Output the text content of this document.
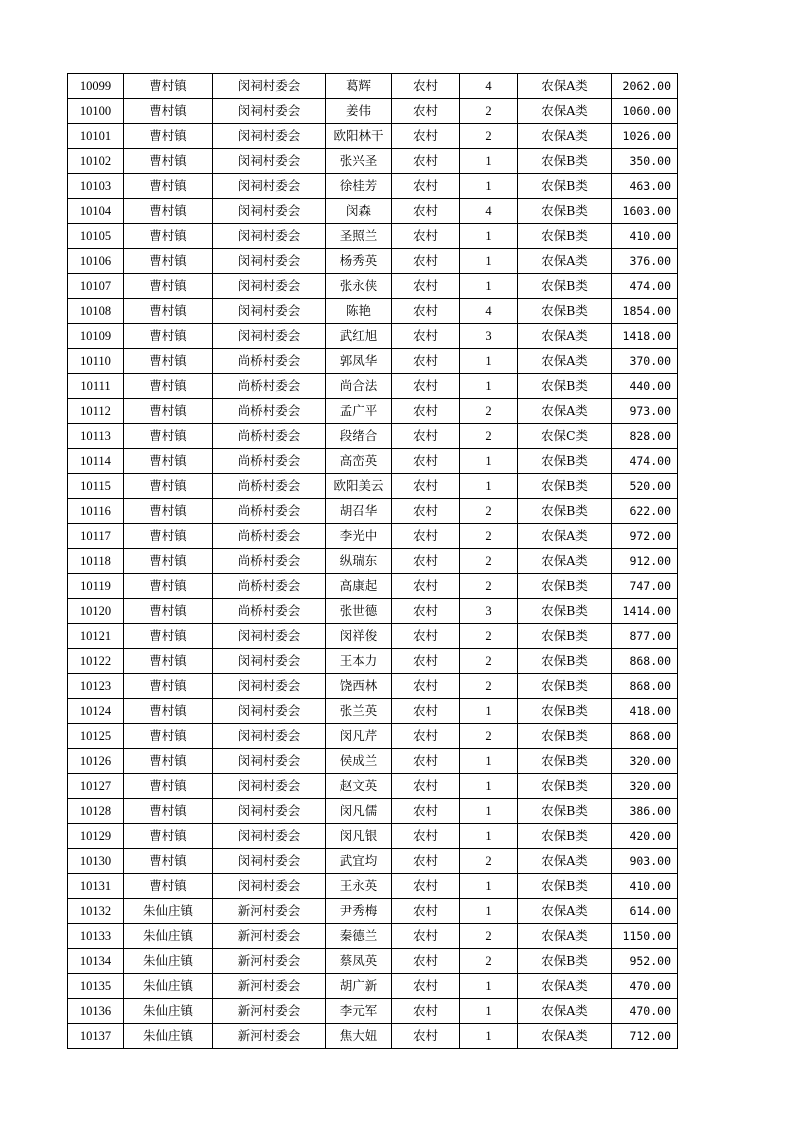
10099	曹村镇	闵祠村委会	葛辉	农村	4	农保A类	2062.00
10100	曹村镇	闵祠村委会	姜伟	农村	2	农保A类	1060.00
10101	曹村镇	闵祠村委会	欧阳林干	农村	2	农保A类	1026.00
10102	曹村镇	闵祠村委会	张兴圣	农村	1	农保B类	350.00
10103	曹村镇	闵祠村委会	徐桂芳	农村	1	农保B类	463.00
10104	曹村镇	闵祠村委会	闵森	农村	4	农保B类	1603.00
10105	曹村镇	闵祠村委会	圣照兰	农村	1	农保B类	410.00
10106	曹村镇	闵祠村委会	杨秀英	农村	1	农保A类	376.00
10107	曹村镇	闵祠村委会	张永侠	农村	1	农保B类	474.00
10108	曹村镇	闵祠村委会	陈艳	农村	4	农保B类	1854.00
10109	曹村镇	闵祠村委会	武红旭	农村	3	农保A类	1418.00
10110	曹村镇	尚桥村委会	郭凤华	农村	1	农保A类	370.00
10111	曹村镇	尚桥村委会	尚合法	农村	1	农保B类	440.00
10112	曹村镇	尚桥村委会	孟广平	农村	2	农保A类	973.00
10113	曹村镇	尚桥村委会	段绪合	农村	2	农保C类	828.00
10114	曹村镇	尚桥村委会	高峦英	农村	1	农保B类	474.00
10115	曹村镇	尚桥村委会	欧阳美云	农村	1	农保B类	520.00
10116	曹村镇	尚桥村委会	胡召华	农村	2	农保B类	622.00
10117	曹村镇	尚桥村委会	李光中	农村	2	农保A类	972.00
10118	曹村镇	尚桥村委会	纵瑞东	农村	2	农保A类	912.00
10119	曹村镇	尚桥村委会	高康起	农村	2	农保B类	747.00
10120	曹村镇	尚桥村委会	张世德	农村	3	农保B类	1414.00
10121	曹村镇	闵祠村委会	闵祥俊	农村	2	农保B类	877.00
10122	曹村镇	闵祠村委会	王本力	农村	2	农保B类	868.00
10123	曹村镇	闵祠村委会	饶西林	农村	2	农保B类	868.00
10124	曹村镇	闵祠村委会	张兰英	农村	1	农保B类	418.00
10125	曹村镇	闵祠村委会	闵凡芹	农村	2	农保B类	868.00
10126	曹村镇	闵祠村委会	侯成兰	农村	1	农保B类	320.00
10127	曹村镇	闵祠村委会	赵文英	农村	1	农保B类	320.00
10128	曹村镇	闵祠村委会	闵凡儒	农村	1	农保B类	386.00
10129	曹村镇	闵祠村委会	闵凡银	农村	1	农保B类	420.00
10130	曹村镇	闵祠村委会	武宜均	农村	2	农保A类	903.00
10131	曹村镇	闵祠村委会	王永英	农村	1	农保B类	410.00
10132	朱仙庄镇	新河村委会	尹秀梅	农村	1	农保A类	614.00
10133	朱仙庄镇	新河村委会	秦德兰	农村	2	农保A类	1150.00
10134	朱仙庄镇	新河村委会	蔡凤英	农村	2	农保B类	952.00
10135	朱仙庄镇	新河村委会	胡广新	农村	1	农保A类	470.00
10136	朱仙庄镇	新河村委会	李元军	农村	1	农保A类	470.00
10137	朱仙庄镇	新河村委会	焦大妞	农村	1	农保A类	712.00
